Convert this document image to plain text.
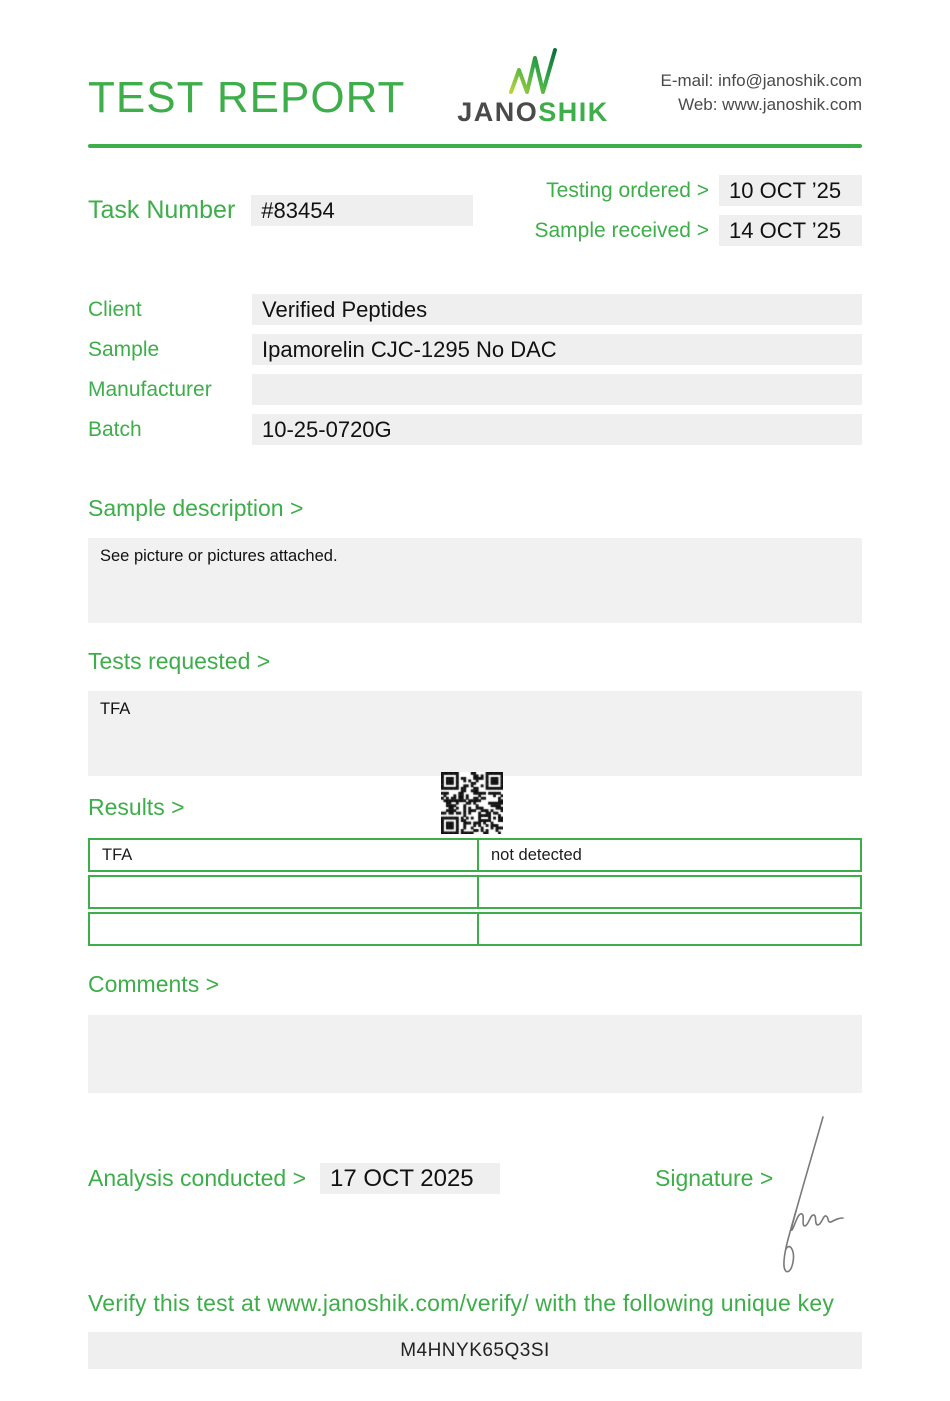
TEST REPORT JANOSHIK
E-mail: info@janoshik.com
Web: www.janoshik.com
Task Number	#83454
Testing ordered > 10 OCT ’25
Sample received > 14 OCT ’25
Client	Verified Peptides
Sample	Ipamorelin CJC-1295 No DAC
Manufacturer
Batch	10-25-0720G
Sample description >
See picture or pictures attached.
Tests requested >
TFA
Results >
TFA	not detected
Comments >
Analysis conducted >	17 OCT 2025	Signature >
Verify this test at www.janoshik.com/verify/ with the following unique key
M4HNYK65Q3SI
